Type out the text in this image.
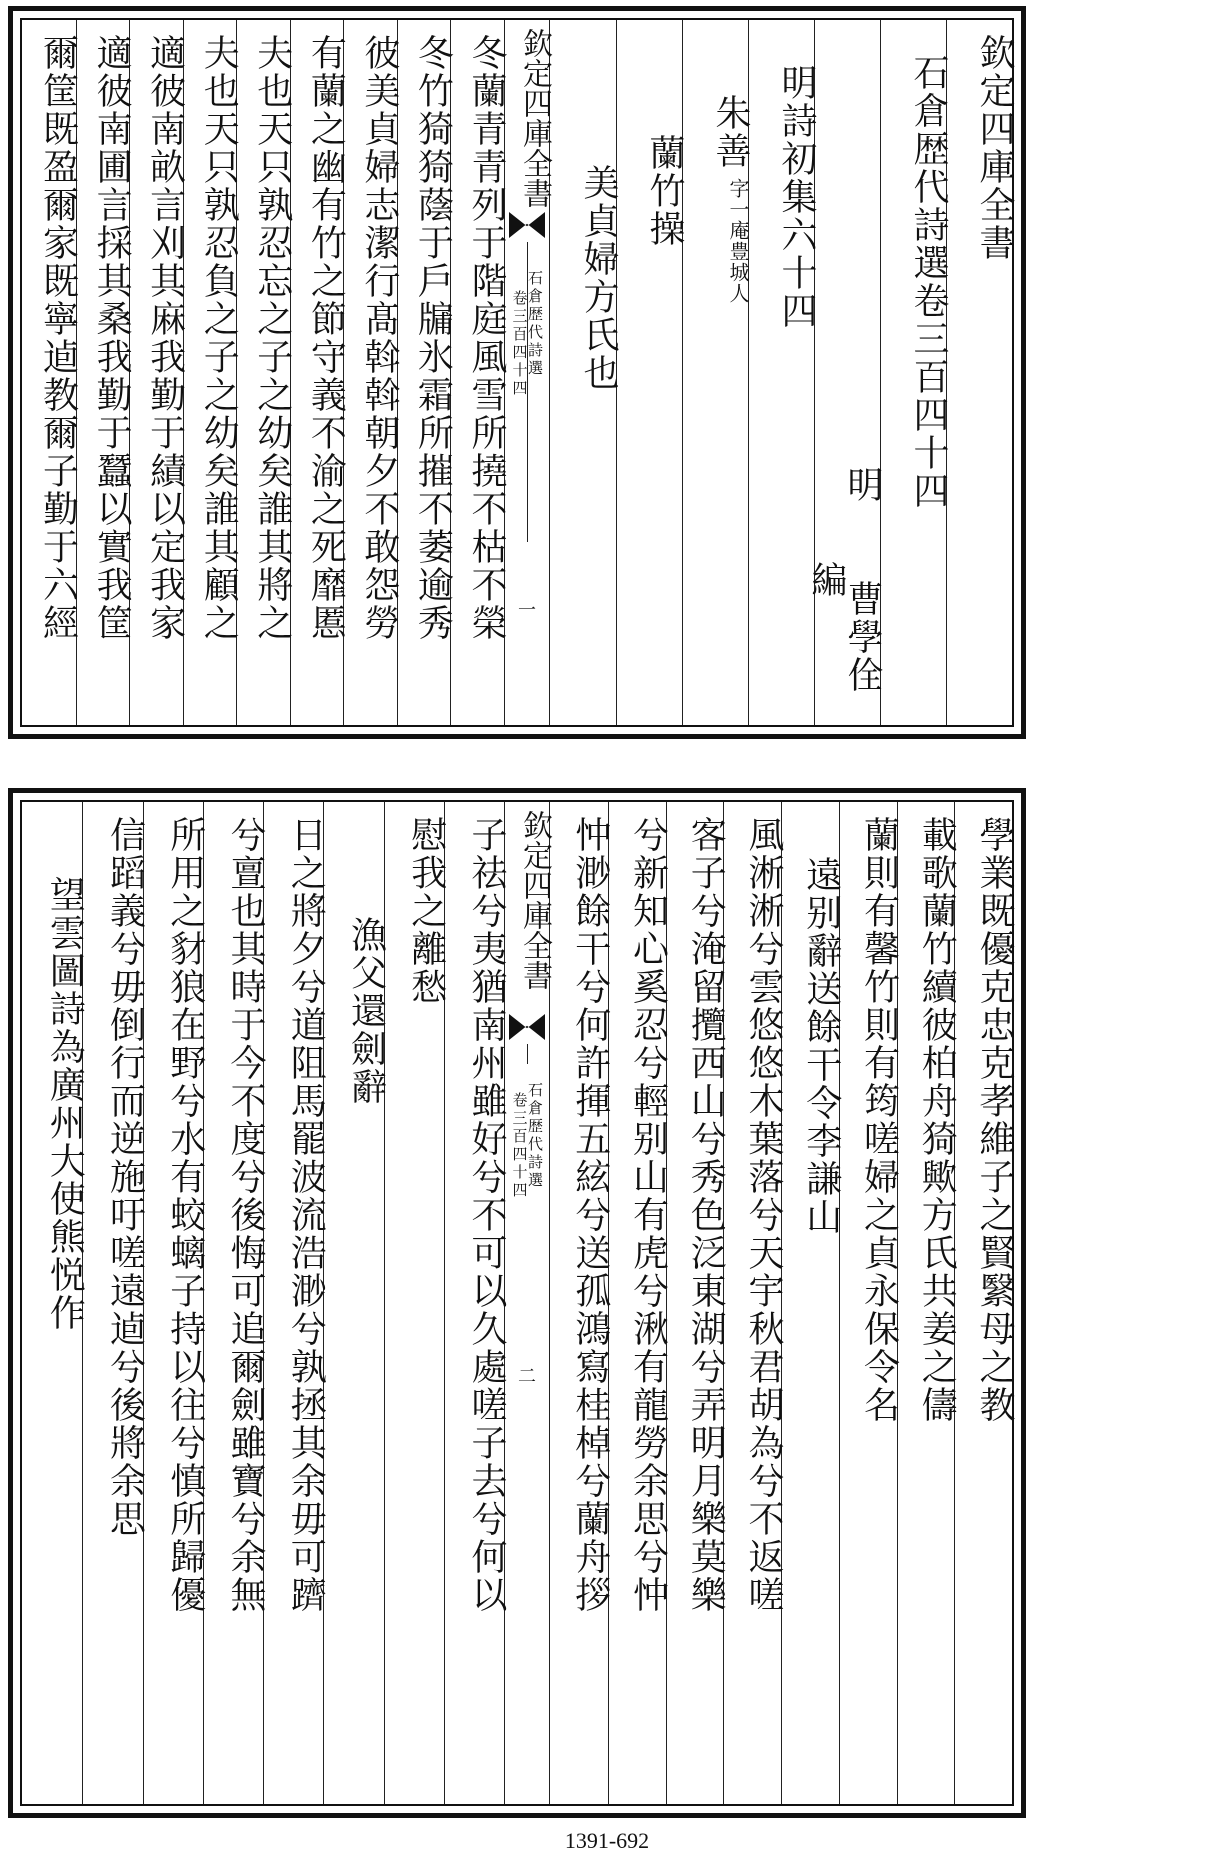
欽定四庫全書
石倉歴代詩選卷三百四十四
明　　曹學佺　編
明詩初集六十四
朱善
字一庵豊城人
蘭竹操
美貞婦方氏也
欽定四庫全書
石倉歴代詩選
卷三百四十四
一
冬蘭青青列于階庭風雪所撓不枯不榮
冬竹猗猗蔭于戶牖氷霜所摧不萎逾秀
彼美貞婦志潔行髙斡斡朝夕不敢怨勞
有蘭之幽有竹之節守義不渝之死靡慝
夫也天只孰忍忘之子之幼矣誰其將之
夫也天只孰忍負之子之幼矣誰其顧之
適彼南畝言刈其麻我勤于績以定我家
適彼南圃言採其桑我勤于蠶以實我筐
爾筐既盈爾家既寧逌教爾子勤于六經
學業既優克忠克孝維子之賢繄母之教
載歌蘭竹續彼柏舟猗歟方氏共姜之儔
蘭則有馨竹則有筠嗟婦之貞永保令名
遠别辭送餘干令李謙山
風淅淅兮雲悠悠木葉落兮天宇秋君胡為兮不返嗟
客子兮淹留攬西山兮秀色泛東湖兮弄明月樂莫樂
兮新知心奚忍兮輕别山有虎兮湫有龍勞余思兮忡
忡渺餘干兮何許揮五絃兮送孤鴻寫桂棹兮蘭舟拶
欽定四庫全書
石倉歴代詩選
卷三百四十四
二
子祛兮夷猶南州雖好兮不可以久處嗟子去兮何以
慰我之離愁
漁父還劍辭
日之將夕兮道阻馬罷波流浩渺兮孰拯其余毋可躋
兮亶也其時于今不度兮後悔可追爾劍雖寶兮余無
所用之豺狼在野兮水有蛟螭子持以往兮慎所歸優
信蹈義兮毋倒行而逆施吁嗟遠逌兮後將余思
望雲圖詩為廣州大使熊悦作
1391-692
